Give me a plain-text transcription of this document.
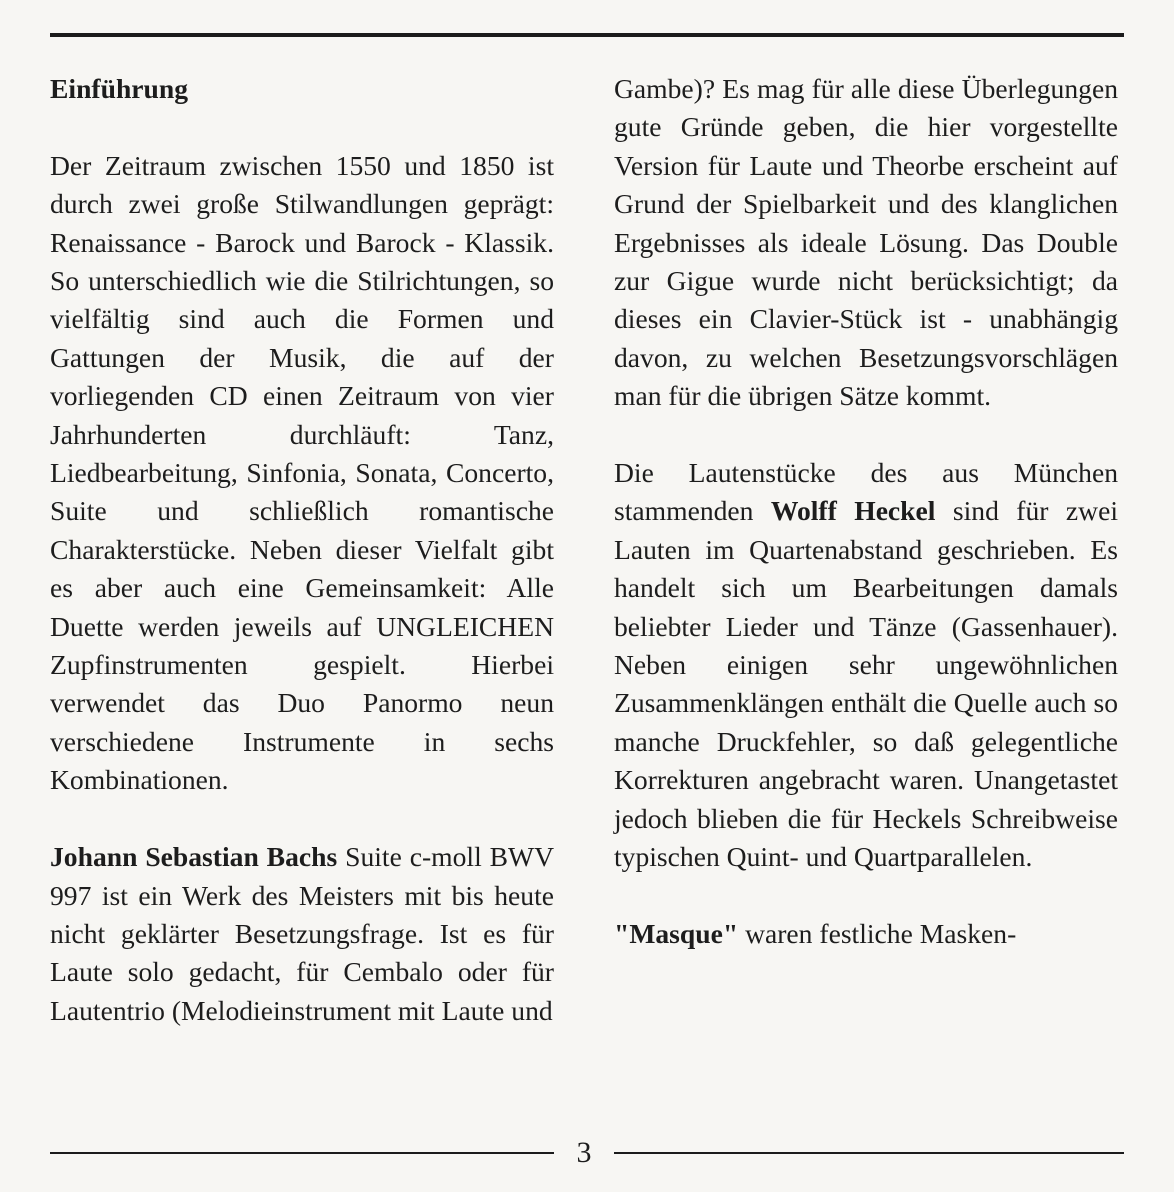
Einführung

Der Zeitraum zwischen 1550 und 1850 ist durch zwei große Stilwandlungen geprägt: Renaissance - Barock und Barock - Klassik. So unterschiedlich wie die Stilrichtungen, so vielfältig sind auch die Formen und Gattungen der Musik, die auf der vorliegenden CD einen Zeitraum von vier Jahrhunderten durchläuft: Tanz, Liedbearbeitung, Sinfonia, Sonata, Concerto, Suite und schließlich romantische Charakterstücke. Neben dieser Vielfalt gibt es aber auch eine Gemeinsamkeit: Alle Duette werden jeweils auf UNGLEICHEN Zupfinstrumenten gespielt. Hierbei verwendet das Duo Panormo neun verschiedene Instrumente in sechs Kombinationen.

Johann Sebastian Bachs Suite c-moll BWV 997 ist ein Werk des Meisters mit bis heute nicht geklärter Besetzungsfrage. Ist es für Laute solo gedacht, für Cembalo oder für Lautentrio (Melodieinstrument mit Laute und

Gambe)? Es mag für alle diese Überlegungen gute Gründe geben, die hier vorgestellte Version für Laute und Theorbe erscheint auf Grund der Spielbarkeit und des klanglichen Ergebnisses als ideale Lösung. Das Double zur Gigue wurde nicht berücksichtigt; da dieses ein Clavier-Stück ist - unabhängig davon, zu welchen Besetzungsvorschlägen man für die übrigen Sätze kommt.

Die Lautenstücke des aus München stammenden Wolff Heckel sind für zwei Lauten im Quartenabstand geschrieben. Es handelt sich um Bearbeitungen damals beliebter Lieder und Tänze (Gassenhauer). Neben einigen sehr ungewöhnlichen Zusammenklängen enthält die Quelle auch so manche Druckfehler, so daß gelegentliche Korrekturen angebracht waren. Unangetastet jedoch blieben die für Heckels Schreibweise typischen Quint- und Quartparallelen.

"Masque" waren festliche Masken-

3
